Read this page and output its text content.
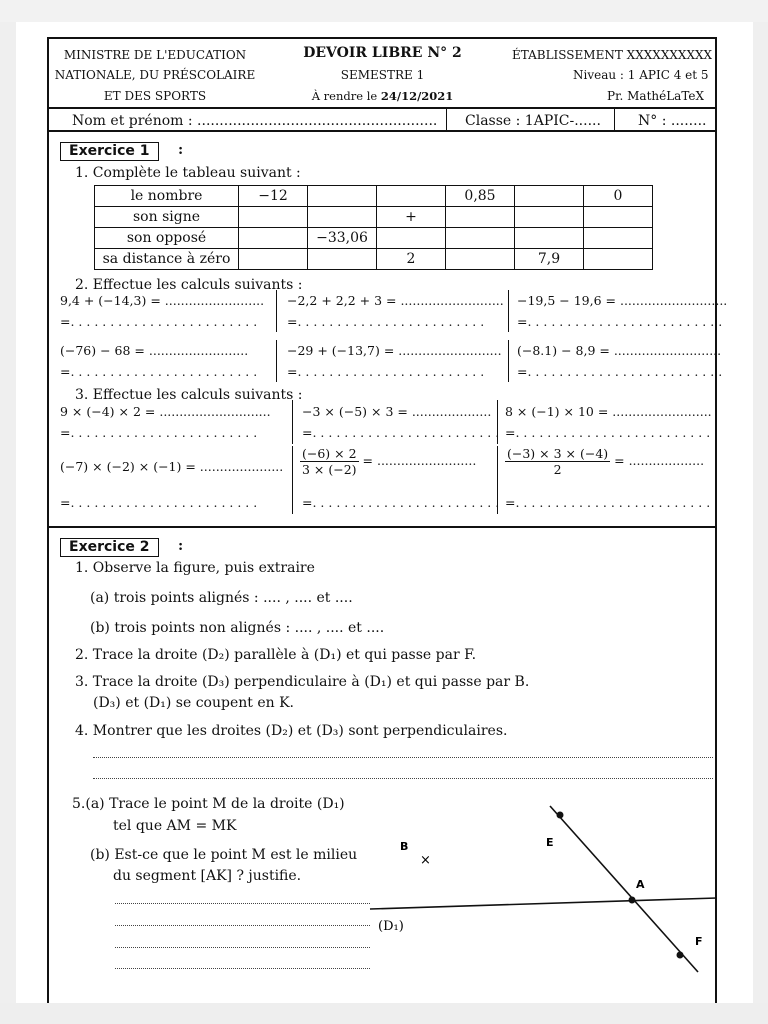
MINISTRE DE L'EDUCATION
NATIONALE, DU PRÉSCOLAIRE
ET DES SPORTS
DEVOIR LIBRE N° 2
SEMESTRE 1
À rendre le 24/12/2021
ÉTABLISSEMENT XXXXXXXXXX
Niveau : 1 APIC 4 et 5
Pr. MathéLaTeX
Nom et prénom : ...................................................... Classe : 1APIC-......	N° : ........
Exercice 1	:
1. Complète le tableau suivant :
le nombre	−12			0,85		0
son signe			+			
son opposé		−33,06				
sa distance à zéro			2		7,9	
2. Effectue les calculs suivants :
9,4 + (−14,3) = ......................... −2,2 + 2,2 + 3 = .......................... −19,5 − 19,6 = ...........................
=. . . . . . . . . . . . . . . . . . . . . . . . =. . . . . . . . . . . . . . . . . . . . . . . .	=. . . . . . . . . . . . . . . . . . . . . . . . .
(−76) − 68 = .........................	−29 + (−13,7) = .......................... (−8.1) − 8,9 = ...........................
=. . . . . . . . . . . . . . . . . . . . . . . . =. . . . . . . . . . . . . . . . . . . . . . . .	=. . . . . . . . . . . . . . . . . . . . . . . . .
3. Effectue les calculs suivants :
9 × (−4) × 2 = ............................	−3 × (−5) × 3 = .................... 8 × (−1) × 10 = .........................
=. . . . . . . . . . . . . . . . . . . . . . . .	=. . . . . . . . . . . . . . . . . . . . . . . . =. . . . . . . . . . . . . . . . . . . . . . . . .
(−7) × (−2) × (−1) = ..................... $\frac{(-6) \times 2}{3 \times (-2)}$ = ......................... $\frac{(-3) \times 3 \times (-4)}{2}$ = ...................
=. . . . . . . . . . . . . . . . . . . . . . . .	=. . . . . . . . . . . . . . . . . . . . . . . . =. . . . . . . . . . . . . . . . . . . . . . . . .
Exercice 2	:
1. Observe la figure, puis extraire
(a) trois points alignés : .... , .... et ....
(b) trois points non alignés : .... , .... et ....
2. Trace la droite (D₂) parallèle à (D₁) et qui passe par F.
3. Trace la droite (D₃) perpendiculaire à (D₁) et qui passe par B.
(D₃) et (D₁) se coupent en K.
4. Montrer que les droites (D₂) et (D₃) sont perpendiculaires.
5.(a) Trace le point M de la droite (D₁)
tel que AM = MK
(b) Est-ce que le point M est le milieu
du segment [AK] ? justifie.
B
×
E
A
F
(D₁)
